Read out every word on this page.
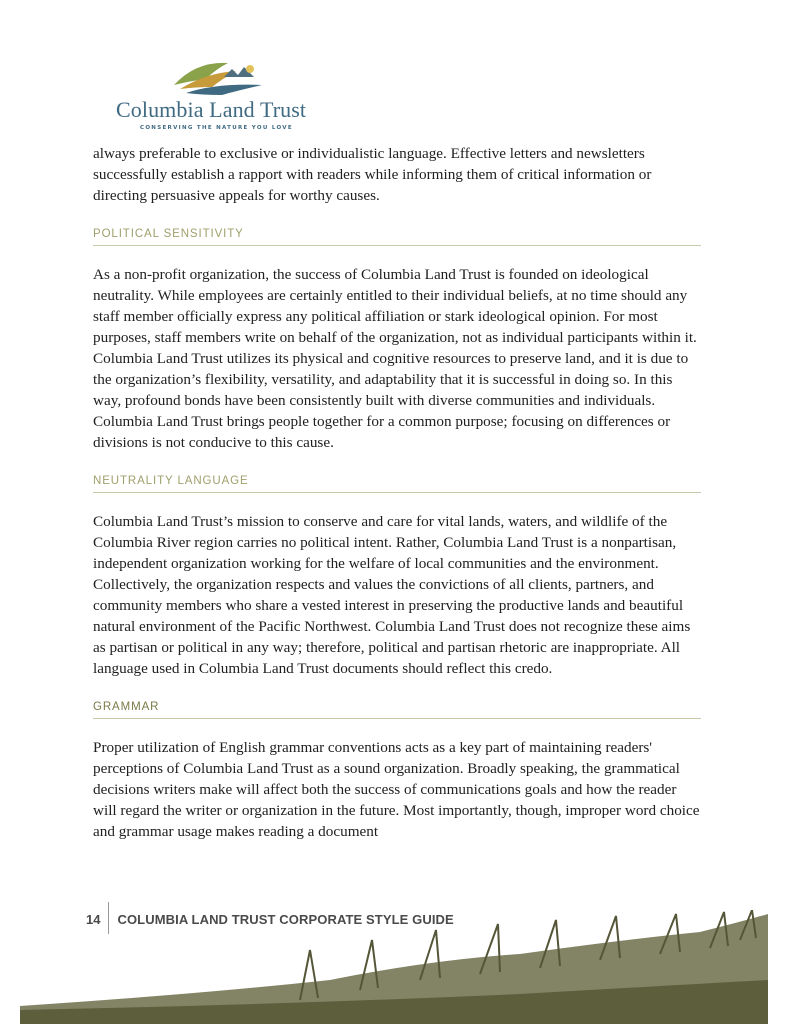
Columbia Land Trust
CONSERVING THE NATURE YOU LOVE

always preferable to exclusive or individualistic language. Effective letters and newsletters successfully establish a rapport with readers while informing them of critical information or directing persuasive appeals for worthy causes.

POLITICAL SENSITIVITY

As a non-profit organization, the success of Columbia Land Trust is founded on ideological neutrality. While employees are certainly entitled to their individual beliefs, at no time should any staff member officially express any political affiliation or stark ideological opinion. For most purposes, staff members write on behalf of the organization, not as individual participants within it. Columbia Land Trust utilizes its physical and cognitive resources to preserve land, and it is due to the organization’s flexibility, versatility, and adaptability that it is successful in doing so. In this way, profound bonds have been consistently built with diverse communities and individuals. Columbia Land Trust brings people together for a common purpose; focusing on differences or divisions is not conducive to this cause.

NEUTRALITY LANGUAGE

Columbia Land Trust’s mission to conserve and care for vital lands, waters, and wildlife of the Columbia River region carries no political intent. Rather, Columbia Land Trust is a nonpartisan, independent organization working for the welfare of local communities and the environment. Collectively, the organization respects and values the convictions of all clients, partners, and community members who share a vested interest in preserving the productive lands and beautiful natural environment of the Pacific Northwest. Columbia Land Trust does not recognize these aims as partisan or political in any way; therefore, political and partisan rhetoric are inappropriate. All language used in Columbia Land Trust documents should reflect this credo.

GRAMMAR

Proper utilization of English grammar conventions acts as a key part of maintaining readers' perceptions of Columbia Land Trust as a sound organization. Broadly speaking, the grammatical decisions writers make will affect both the success of communications goals and how the reader will regard the writer or organization in the future. Most importantly, though, improper word choice and grammar usage makes reading a document

14	COLUMBIA LAND TRUST CORPORATE STYLE GUIDE
